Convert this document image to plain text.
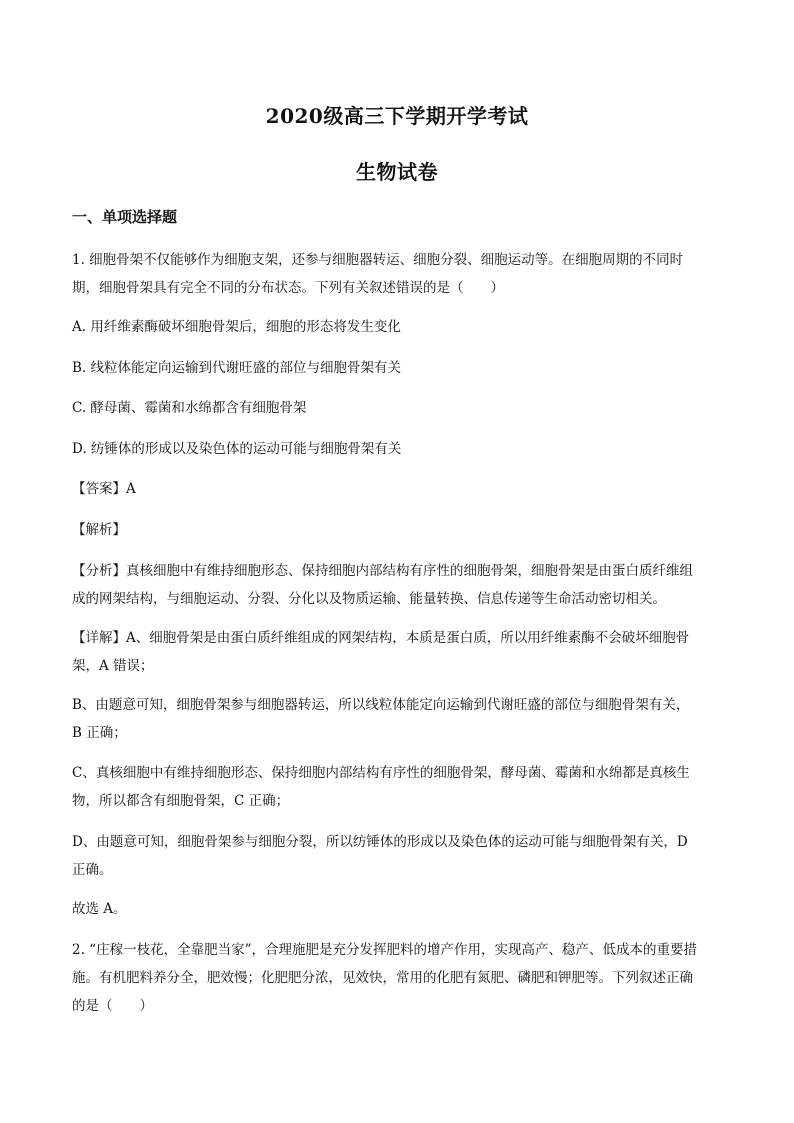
2020级高三下学期开学考试
生物试卷
一、单项选择题
1. 细胞骨架不仅能够作为细胞支架，还参与细胞器转运、细胞分裂、细胞运动等。在细胞周期的不同时
期，细胞骨架具有完全不同的分布状态。下列有关叙述错误的是（　　）
A. 用纤维素酶破坏细胞骨架后，细胞的形态将发生变化
B. 线粒体能定向运输到代谢旺盛的部位与细胞骨架有关
C. 酵母菌、霉菌和水绵都含有细胞骨架
D. 纺锤体的形成以及染色体的运动可能与细胞骨架有关
【答案】A
【解析】
【分析】真核细胞中有维持细胞形态、保持细胞内部结构有序性的细胞骨架，细胞骨架是由蛋白质纤维组
成的网架结构，与细胞运动、分裂、分化以及物质运输、能量转换、信息传递等生命活动密切相关。
【详解】A、细胞骨架是由蛋白质纤维组成的网架结构，本质是蛋白质，所以用纤维素酶不会破坏细胞骨
架，A 错误；
B、由题意可知，细胞骨架参与细胞器转运，所以线粒体能定向运输到代谢旺盛的部位与细胞骨架有关，
B 正确；
C、真核细胞中有维持细胞形态、保持细胞内部结构有序性的细胞骨架，酵母菌、霉菌和水绵都是真核生
物，所以都含有细胞骨架，C 正确；
D、由题意可知，细胞骨架参与细胞分裂，所以纺锤体的形成以及染色体的运动可能与细胞骨架有关，D
正确。
故选 A。
2. “庄稼一枝花，全靠肥当家”，合理施肥是充分发挥肥料的增产作用，实现高产、稳产、低成本的重要措
施。有机肥料养分全，肥效慢；化肥肥分浓，见效快，常用的化肥有氮肥、磷肥和钾肥等。下列叙述正确
的是（　　）
